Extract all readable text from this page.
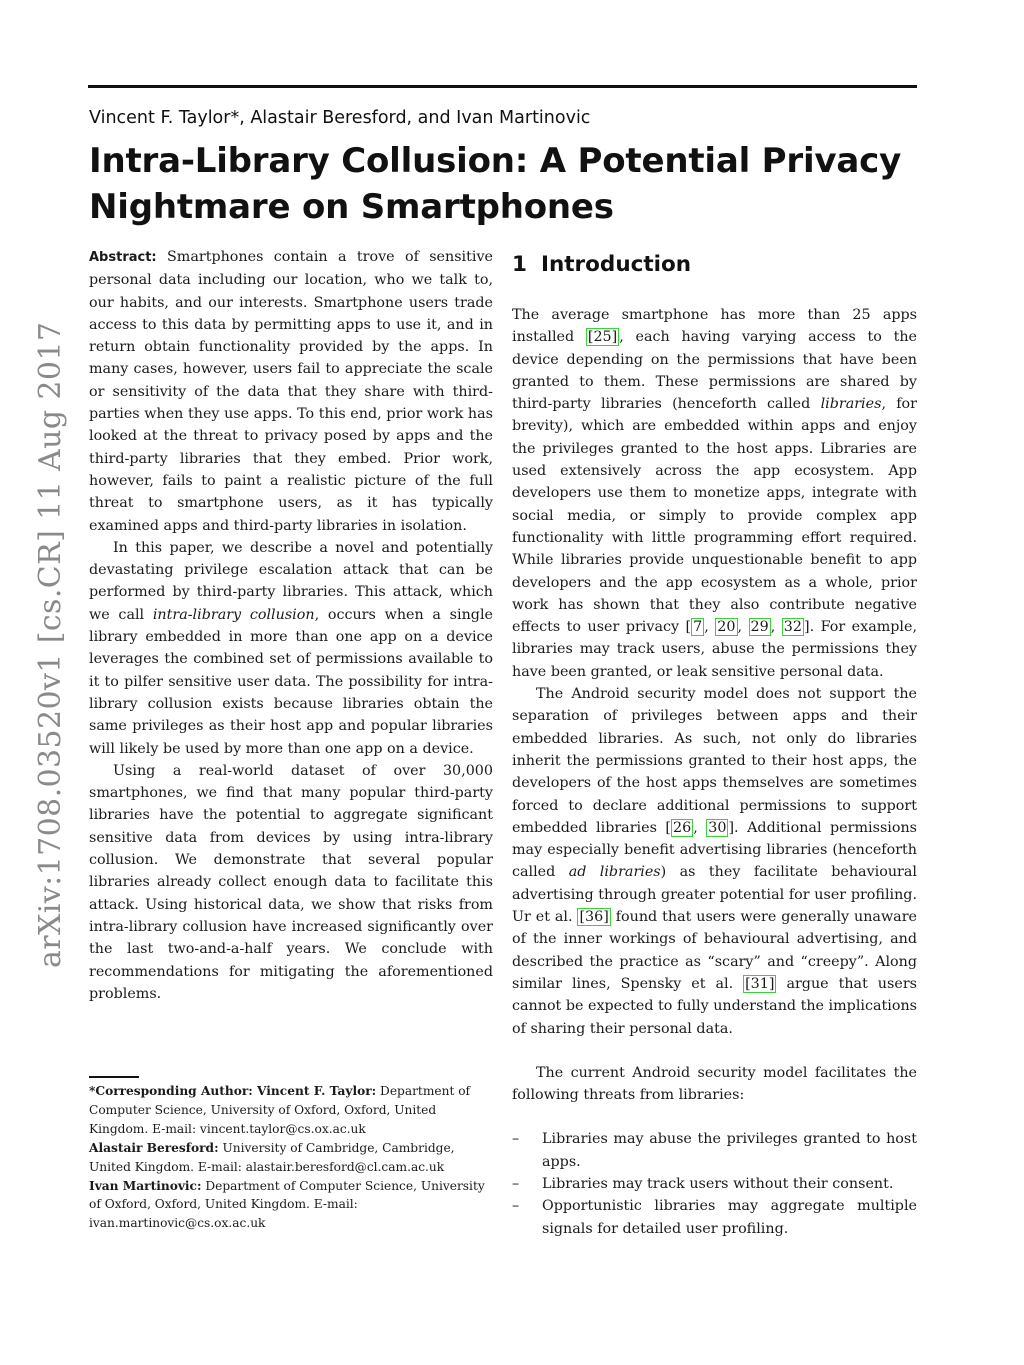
Vincent F. Taylor*, Alastair Beresford, and Ivan Martinovic
Intra-Library Collusion: A Potential Privacy Nightmare on Smartphones
arXiv:1708.03520v1 [cs.CR] 11 Aug 2017

Abstract: Smartphones contain a trove of sensitive personal data including our location, who we talk to, our habits, and our interests. Smartphone users trade access to this data by permitting apps to use it, and in return obtain functionality provided by the apps. In many cases, however, users fail to appreciate the scale or sensitivity of the data that they share with third-parties when they use apps. To this end, prior work has looked at the threat to privacy posed by apps and the third-party libraries that they embed. Prior work, however, fails to paint a realistic picture of the full threat to smartphone users, as it has typically examined apps and third-party libraries in isolation.

In this paper, we describe a novel and potentially devastating privilege escalation attack that can be performed by third-party libraries. This attack, which we call intra-library collusion, occurs when a single library embedded in more than one app on a device leverages the combined set of permissions available to it to pilfer sensitive user data. The possibility for intra-library collusion exists because libraries obtain the same privileges as their host app and popular libraries will likely be used by more than one app on a device.

Using a real-world dataset of over 30,000 smartphones, we find that many popular third-party libraries have the potential to aggregate significant sensitive data from devices by using intra-library collusion. We demonstrate that several popular libraries already collect enough data to facilitate this attack. Using historical data, we show that risks from intra-library collusion have increased significantly over the last two-and-a-half years. We conclude with recommendations for mitigating the aforementioned problems.

*Corresponding Author: Vincent F. Taylor: Department of Computer Science, University of Oxford, Oxford, United Kingdom. E-mail: vincent.taylor@cs.ox.ac.uk

Alastair Beresford: University of Cambridge, Cambridge, United Kingdom. E-mail: alastair.beresford@cl.cam.ac.uk

Ivan Martinovic: Department of Computer Science, University of Oxford, Oxford, United Kingdom. E-mail: ivan.martinovic@cs.ox.ac.uk

1 Introduction

The average smartphone has more than 25 apps installed [25] , each having varying access to the device depending on the permissions that have been granted to them. These permissions are shared by third-party libraries (henceforth called libraries, for brevity), which are embedded within apps and enjoy the privileges granted to the host apps. Libraries are used extensively across the app ecosystem. App developers use them to monetize apps, integrate with social media, or simply to provide complex app functionality with little programming effort required. While libraries provide unquestionable benefit to app developers and the app ecosystem as a whole, prior work has shown that they also contribute negative effects to user privacy [ 7 , 20 , 29 , 32 ]. For example, libraries may track users, abuse the permissions they have been granted, or leak sensitive personal data.

The Android security model does not support the separation of privileges between apps and their embedded libraries. As such, not only do libraries inherit the permissions granted to their host apps, the developers of the host apps themselves are sometimes forced to declare additional permissions to support embedded libraries [ 26 , 30 ]. Additional permissions may especially benefit advertising libraries (henceforth called ad libraries) as they facilitate behavioural advertising through greater potential for user profiling. Ur et al. [36] found that users were generally unaware of the inner workings of behavioural advertising, and described the practice as “scary” and “creepy”. Along similar lines, Spensky et al. [31] argue that users cannot be expected to fully understand the implications of sharing their personal data.

The current Android security model facilitates the following threats from libraries:

– Libraries may abuse the privileges granted to host apps.
– Libraries may track users without their consent.
– Opportunistic libraries may aggregate multiple signals for detailed user profiling.
